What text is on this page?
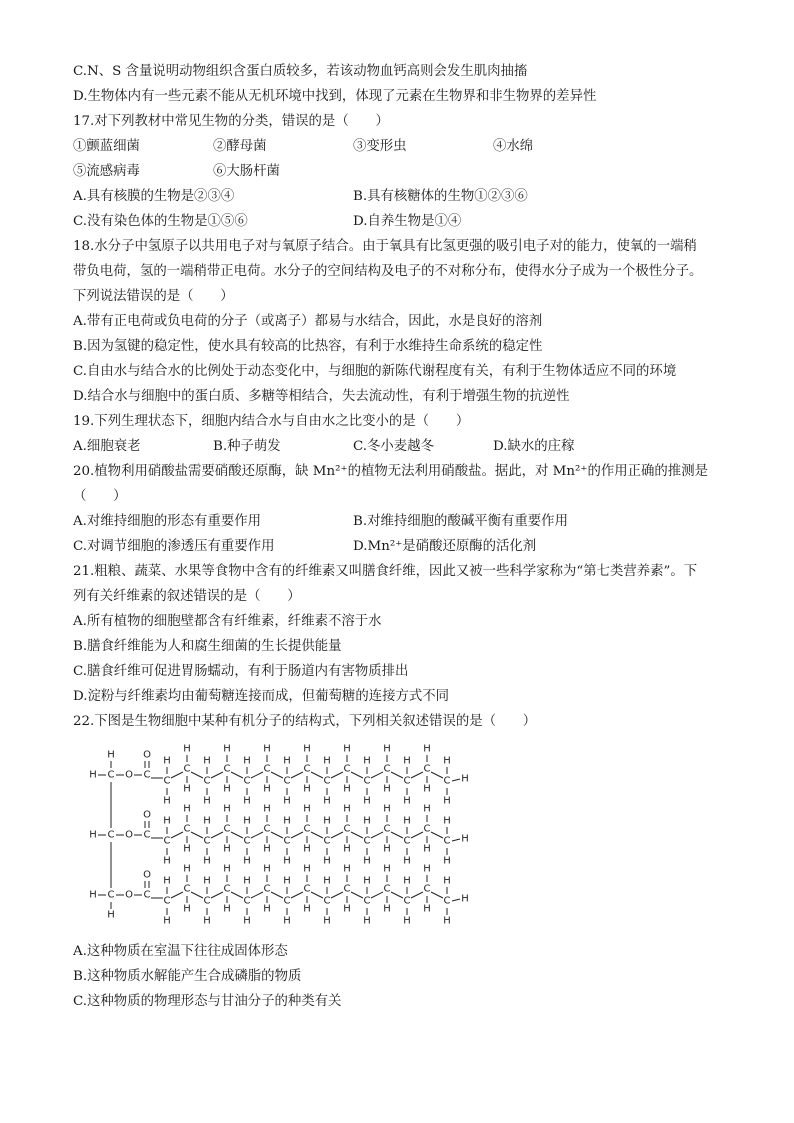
C.N、S 含量说明动物组织含蛋白质较多，若该动物血钙高则会发生肌肉抽搐
D.生物体内有一些元素不能从无机环境中找到，体现了元素在生物界和非生物界的差异性
17.对下列教材中常见生物的分类，错误的是（　　）
①颤蓝细菌	②酵母菌	③变形虫	④水绵
⑤流感病毒	⑥大肠杆菌
A.具有核膜的生物是②③④	B.具有核糖体的生物①②③⑥
C.没有染色体的生物是①⑤⑥	D.自养生物是①④
18.水分子中氢原子以共用电子对与氧原子结合。由于氧具有比氢更强的吸引电子对的能力，使氧的一端稍
带负电荷，氢的一端稍带正电荷。水分子的空间结构及电子的不对称分布，使得水分子成为一个极性分子。
下列说法错误的是（　　）
A.带有正电荷或负电荷的分子（或离子）都易与水结合，因此，水是良好的溶剂
B.因为氢键的稳定性，使水具有较高的比热容，有利于水维持生命系统的稳定性
C.自由水与结合水的比例处于动态变化中，与细胞的新陈代谢程度有关，有利于生物体适应不同的环境
D.结合水与细胞中的蛋白质、多糖等相结合，失去流动性，有利于增强生物的抗逆性
19.下列生理状态下，细胞内结合水与自由水之比变小的是（　　）
A.细胞衰老	B.种子萌发	C.冬小麦越冬	D.缺水的庄稼
20.植物利用硝酸盐需要硝酸还原酶，缺 Mn²⁺的植物无法利用硝酸盐。据此，对 Mn²⁺的作用正确的推测是
（　　）
A.对维持细胞的形态有重要作用	B.对维持细胞的酸碱平衡有重要作用
C.对调节细胞的渗透压有重要作用	D.Mn²⁺是硝酸还原酶的活化剂
21.粗粮、蔬菜、水果等食物中含有的纤维素又叫膳食纤维，因此又被一些科学家称为“第七类营养素”。下
列有关纤维素的叙述错误的是（　　）
A.所有植物的细胞壁都含有纤维素，纤维素不溶于水
B.膳食纤维能为人和腐生细菌的生长提供能量
C.膳食纤维可促进胃肠蠕动，有利于肠道内有害物质排出
D.淀粉与纤维素均由葡萄糖连接而成，但葡萄糖的连接方式不同
22.下图是生物细胞中某种有机分子的结构式，下列相关叙述错误的是（　　）
H
H
H C O C
O
C
H
H
C
H
H
C
H
H
C
H
H
C
H
H
C
H
H
C
H
H
C
H
H
C
H
H
C
H
H
C
H
H
C
H
H
C
H
H
C
H
H
C
H
H
H
H C O C
O
C
H
H
C
H
H
C
H
H
C
H
H
C
H
H
C
H
H
C
H
H
C
H
H
C
H
H
C
H
H
C
H
H
C
H
H
C
H
H
C
H
H
C
H
H
H
H C O C
O
C
H
H
C
H
H
C
H
H
C
H
H
C
H
H
C
H
H
C
H
H
C
H
H
C
H
H
C
H
H
C
H
H
C
H
H
C
H
H
C
H
H
C
H
H
H
A.这种物质在室温下往往成固体形态
B.这种物质水解能产生合成磷脂的物质
C.这种物质的物理形态与甘油分子的种类有关
